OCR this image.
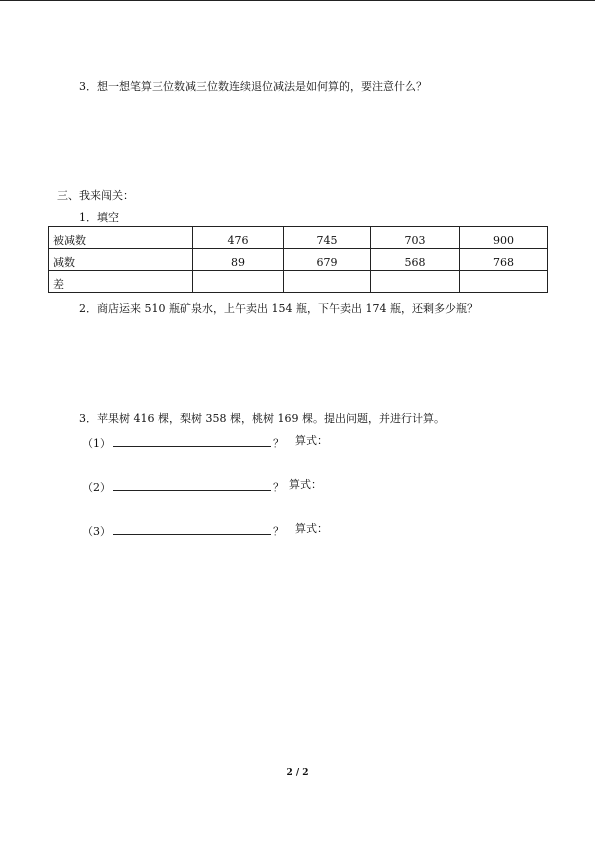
3．想一想笔算三位数减三位数连续退位减法是如何算的，要注意什么？
三、我来闯关：
1．填空
被减数	476	745	703	900
减数	89	679	568	768
差				
2．商店运来 510 瓶矿泉水，上午卖出 154 瓶，下午卖出 174 瓶，还剩多少瓶？
3．苹果树 416 棵，梨树 358 棵，桃树 169 棵。提出问题，并进行计算。
（1）	？ 算式：
（2）	？ 算式：
（3）	？ 算式：
2 / 2
